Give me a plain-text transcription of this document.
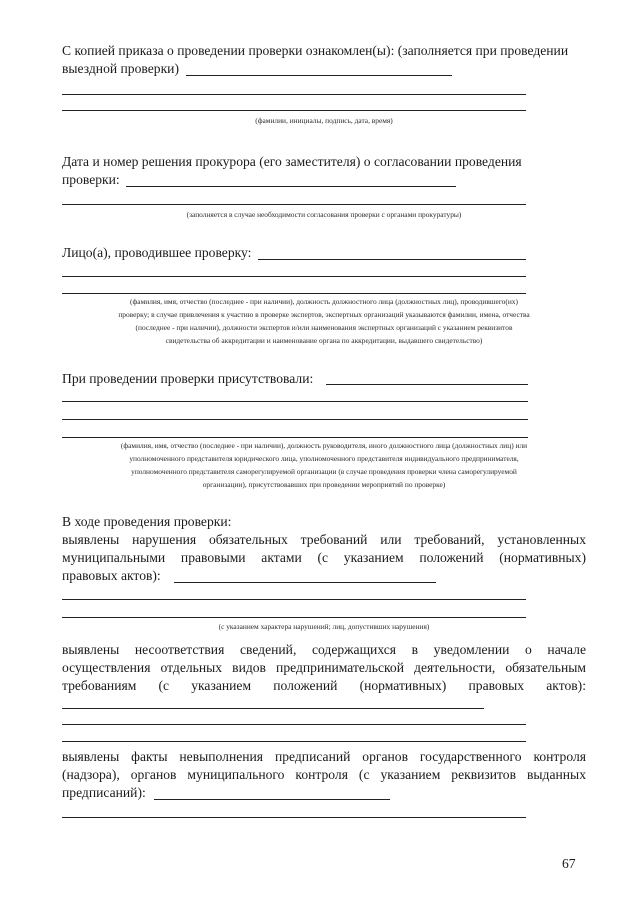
С копией приказа о проведении проверки ознакомлен(ы): (заполняется при проведении
выездной проверки)
(фамилии, инициалы, подпись, дата, время)
Дата и номер решения прокурора (его заместителя) о согласовании проведения
проверки:
(заполняется в случае необходимости согласования проверки с органами прокуратуры)
Лицо(а), проводившее проверку:
(фамилия, имя, отчество (последнее - при наличии), должность должностного лица (должностных лиц), проводившего(их)
проверку; в случае привлечения к участию в проверке экспертов, экспертных организаций указываются фамилии, имена, отчества
(последнее - при наличии), должности экспертов и/или наименования экспертных организаций с указанием реквизитов
свидетельства об аккредитации и наименование органа по аккредитации, выдавшего свидетельство)
При проведении проверки присутствовали:
(фамилия, имя, отчество (последнее - при наличии), должность руководителя, иного должностного лица (должностных лиц) или
уполномоченного представителя юридического лица, уполномоченного представителя индивидуального предпринимателя,
уполномоченного представителя саморегулируемой организации (в случае проведения проверки члена саморегулируемой
организации), присутствовавших при проведении мероприятий по проверке)
В ходе проведения проверки:
выявлены нарушения обязательных требований или требований, установленных
муниципальными правовыми актами (с указанием положений (нормативных)
правовых актов):
(с указанием характера нарушений; лиц, допустивших нарушения)
выявлены несоответствия сведений, содержащихся в уведомлении о начале
осуществления отдельных видов предпринимательской деятельности, обязательным
требованиям (с указанием положений (нормативных) правовых актов):
выявлены факты невыполнения предписаний органов государственного контроля
(надзора), органов муниципального контроля (с указанием реквизитов выданных
предписаний):
67
